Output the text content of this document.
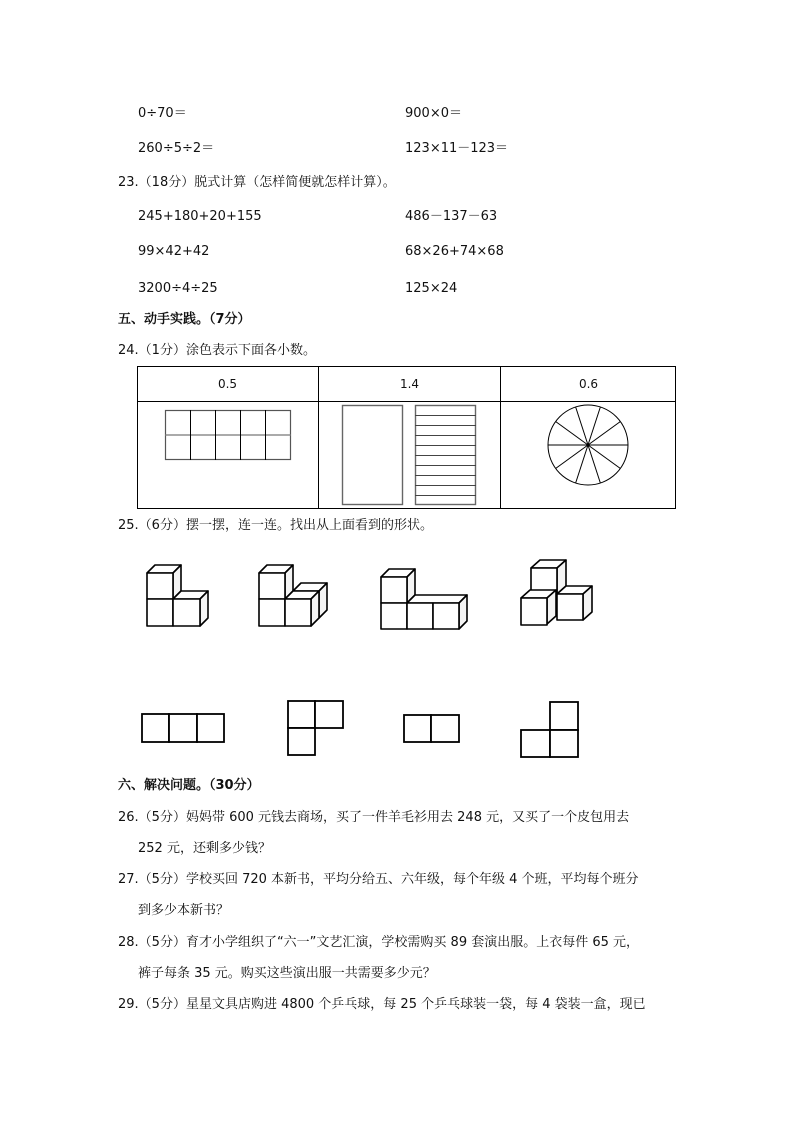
0÷70＝	900×0＝
260÷5÷2＝	123×11－123＝
23.（18分）脱式计算（怎样简便就怎样计算）。
245+180+20+155	486－137－63
99×42+42	68×26+74×68
3200÷4÷25	125×24
五、动手实践。（7分）
24.（1分）涂色表示下面各小数。
0.5	1.4	0.6
25.（6分）摆一摆，连一连。找出从上面看到的形状。
六、解决问题。（30分）
26.（5分）妈妈带 600 元钱去商场，买了一件羊毛衫用去 248 元，又买了一个皮包用去
252 元，还剩多少钱？
27.（5分）学校买回 720 本新书，平均分给五、六年级，每个年级 4 个班，平均每个班分
到多少本新书？
28.（5分）育才小学组织了“六一”文艺汇演，学校需购买 89 套演出服。上衣每件 65 元，
裤子每条 35 元。购买这些演出服一共需要多少元？
29.（5分）星星文具店购进 4800 个乒乓球，每 25 个乒乓球装一袋，每 4 袋装一盒，现已
